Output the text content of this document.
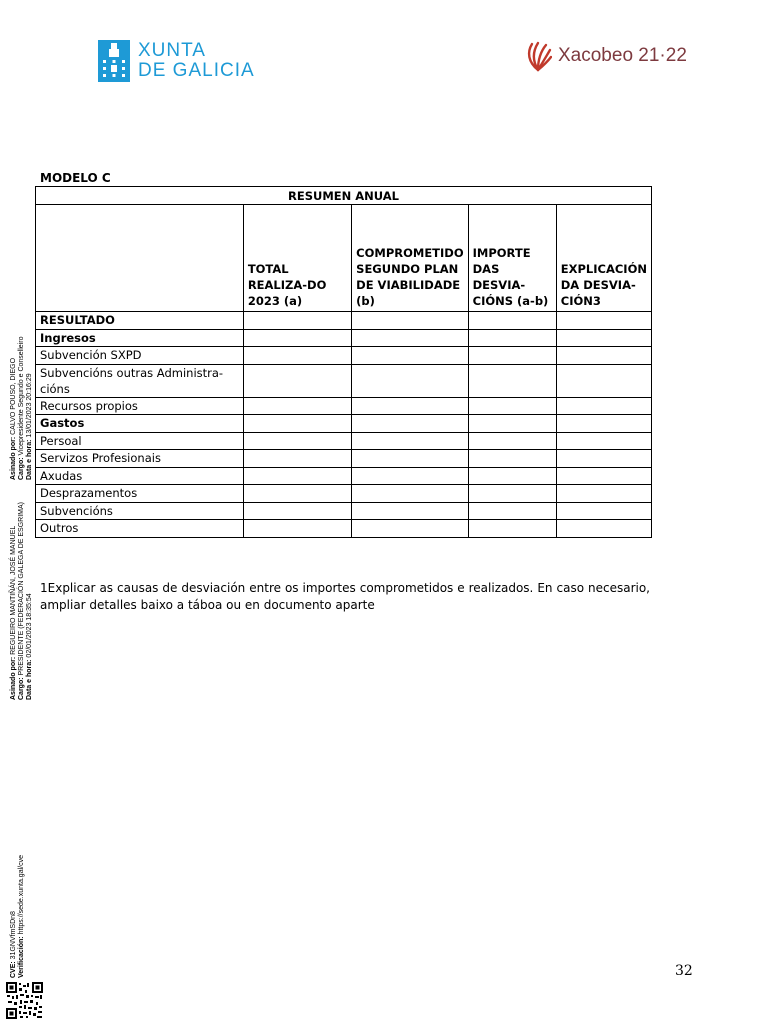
XUNTA
DE GALICIA
Xacobeo 21·22
MODELO C
RESUMEN ANUAL				
	TOTAL REALIZA-DO 2023 (a)	COMPROMETIDO SEGUNDO PLAN DE VIABILIDADE (b)	IMPORTE DAS DESVIA-CIÓNS (a-b)	EXPLICACIÓN DA DESVIA-CIÓN3
RESULTADO				
Ingresos				
Subvención SXPD				
Subvencións outras Administra-cións				
Recursos propios				
Gastos				
Persoal				
Servizos Profesionais				
Axudas				
Desprazamentos				
Subvencións				
Outros				
1Explicar as causas de desviación entre os importes comprometidos e realizados. En caso necesario, ampliar detalles baixo a táboa ou en documento aparte
Asinado por: REGUEIRO MANTIÑÁN, JOSÉ MANUEL
Cargo: PRESIDENTE (FEDERACIÓN GALEGA DE ESGRIMA)
Data e hora: 02/01/2023 18:35:54
Asinado por: CALVO POUSO, DIEGO
Cargo: Vicepresidente Segundo e Conselleiro
Data e hora: 13/01/2023 20:16:29
CVE: 31GNVfmSDn8 Verificación: https://sede.xunta.gal/cve
32
